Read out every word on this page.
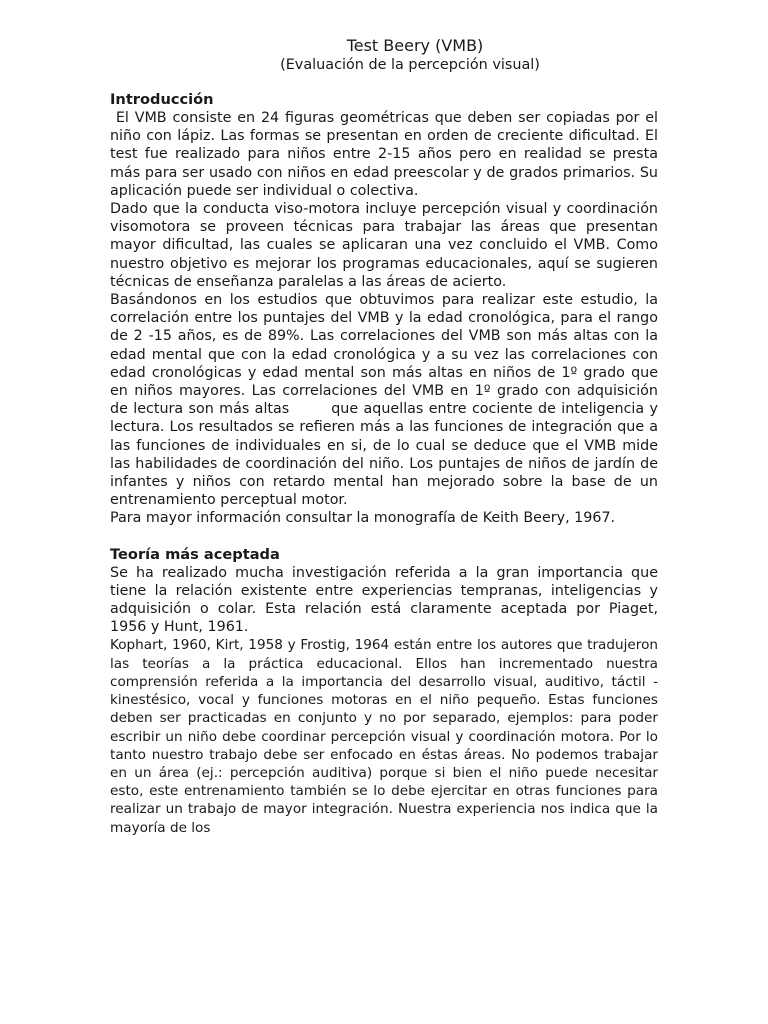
Test Beery (VMB)
(Evaluación de la percepción visual)
Introducción

El VMB consiste en 24 figuras geométricas que deben ser copiadas por el niño con lápiz. Las formas se presentan en orden de creciente dificultad. El test fue realizado para niños entre 2-15 años pero en realidad se presta más para ser usado con niños en edad preescolar y de grados primarios. Su aplicación puede ser individual o colectiva.

Dado que la conducta viso-motora incluye percepción visual y coordinación visomotora se proveen técnicas para trabajar las áreas que presentan mayor dificultad, las cuales se aplicaran una vez concluido el VMB. Como nuestro objetivo es mejorar los programas educacionales, aquí se sugieren técnicas de enseñanza paralelas a las áreas de acierto.

Basándonos en los estudios que obtuvimos para realizar este estudio, la correlación entre los puntajes del VMB y la edad cronológica, para el rango de 2 -15 años, es de 89%. Las correlaciones del VMB son más altas con la edad mental que con la edad cronológica y a su vez las correlaciones con edad cronológicas y edad mental son más altas en niños de 1º grado que en niños mayores. Las correlaciones del VMB en 1º grado con adquisición de lectura son más altas	que aquellas entre cociente de inteligencia y lectura. Los resultados se refieren más a las funciones de integración que a las funciones de individuales en si, de lo cual se deduce que el VMB mide las habilidades de coordinación del niño. Los puntajes de niños de jardín de infantes y niños con retardo mental han mejorado sobre la base de un entrenamiento perceptual motor.

Para mayor información consultar la monografía de Keith Beery, 1967.

Teoría más aceptada

Se ha realizado mucha investigación referida a la gran importancia que tiene la relación existente entre experiencias tempranas, inteligencias y adquisición o colar. Esta relación está claramente aceptada por Piaget, 1956 y Hunt, 1961.

Kophart, 1960, Kirt, 1958 y Frostig, 1964 están entre los autores que tradujeron las teorías a la práctica educacional. Ellos han incrementado nuestra comprensión referida a la importancia del desarrollo visual, auditivo, táctil - kinestésico, vocal y funciones motoras en el niño pequeño. Estas funciones deben ser practicadas en conjunto y no por separado, ejemplos: para poder escribir un niño debe coordinar percepción visual y coordinación motora. Por lo tanto nuestro trabajo debe ser enfocado en éstas áreas. No podemos trabajar en un área (ej.: percepción auditiva) porque si bien el niño puede necesitar esto, este entrenamiento también se lo debe ejercitar en otras funciones para realizar un trabajo de mayor integración. Nuestra experiencia nos indica que la mayoría de los
